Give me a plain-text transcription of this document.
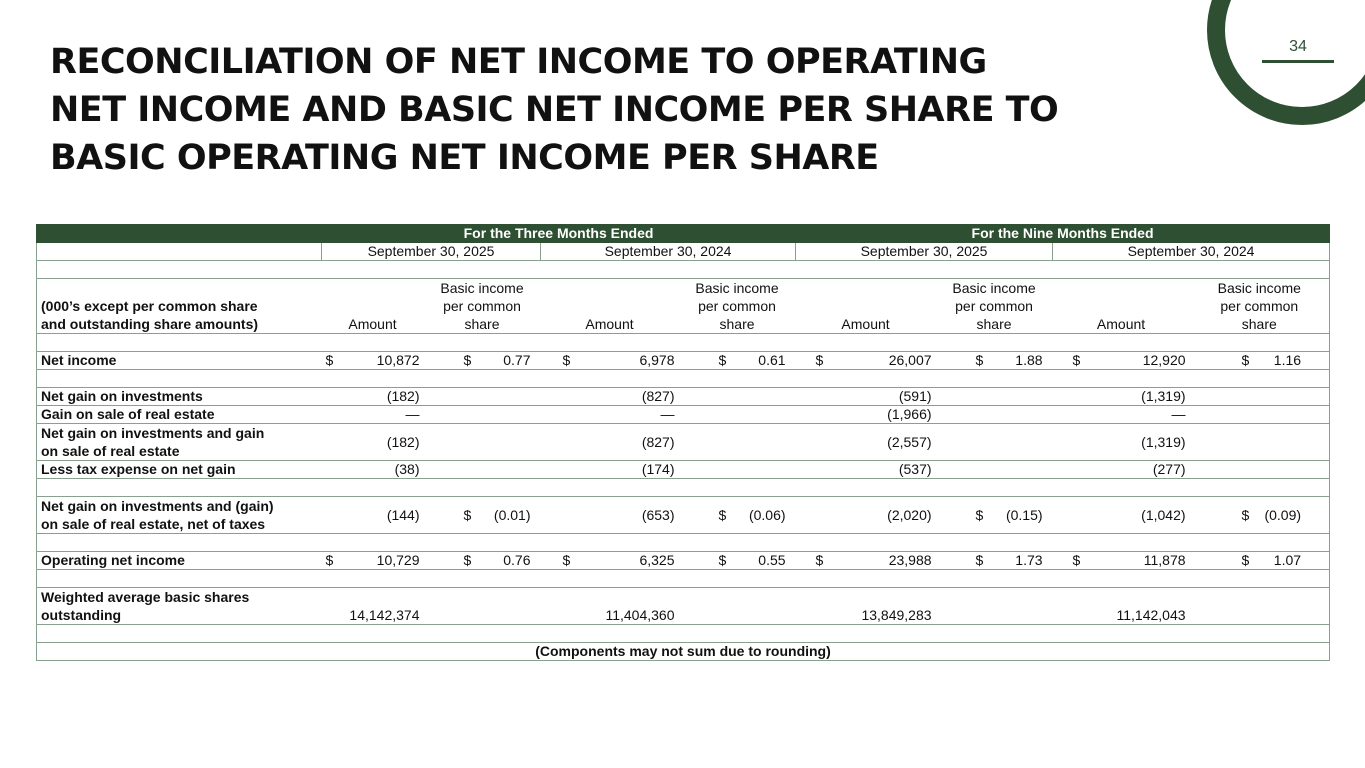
RECONCILIATION OF NET INCOME TO OPERATING
NET INCOME AND BASIC NET INCOME PER SHARE TO
BASIC OPERATING NET INCOME PER SHARE
34
	For the Three Months Ended				For the Nine Months Ended			
	September 30, 2025		September 30, 2024		September 30, 2025		September 30, 2024	

(000’s except per common share
and outstanding share amounts)	Amount	Basic income
per common
share	Amount	Basic income
per common
share	Amount	Basic income
per common
share	Amount	Basic income
per common
share

Net income	$ 10,872	$ 0.77	$ 6,978	$ 0.61	$ 26,007	$ 1.88	$ 12,920	$ 1.16

Net gain on investments	(182)		(827)		(591)		(1,319)	
Gain on sale of real estate	—		—		(1,966)		—	
Net gain on investments and gain
on sale of real estate	(182)		(827)		(2,557)		(1,319)	
Less tax expense on net gain	(38)		(174)		(537)		(277)	

Net gain on investments and (gain)
on sale of real estate, net of taxes	(144)	$ (0.01)	(653)	$ (0.06)	(2,020)	$ (0.15)	(1,042)	$ (0.09)

Operating net income	$ 10,729	$ 0.76	$ 6,325	$ 0.55	$ 23,988	$ 1.73	$ 11,878	$ 1.07

Weighted average basic shares
outstanding	14,142,374		11,404,360		13,849,283		11,142,043	

(Components may not sum due to rounding)								
